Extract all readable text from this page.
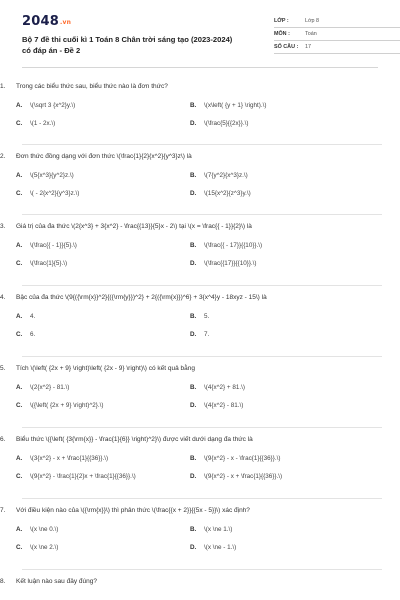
2048.vn
Bộ 7 đề thi cuối kì 1 Toán 8 Chân trời sáng tạo (2023-2024) có đáp án - Đề 2
LỚP :	Lớp 8
MÔN :	Toán
SỐ CÂU :	17
1.	Trong các biểu thức sau, biểu thức nào là đơn thức?
A.	\(\sqrt 3 {x^2}y.\)	B.	\(x\left( {y + 1} \right).\)
C.	\(1 - 2x.\)	D.	\(\frac{5}{{2x}}.\)
2.	Đơn thức đồng dạng với đơn thức \(\frac{1}{2}{x^2}{y^3}z\) là
A.	\(5{x^3}{y^2}z.\)	B.	\(7{y^2}{x^3}z.\)
C.	\( - 2{x^2}{y^3}z.\)	D.	\(15{x^2}{z^3}y.\)
3.	Giá trị của đa thức \(2{x^3} + 3{x^2} - \frac{{13}}{5}x - 2\) tại \(x = \frac{{ - 1}}{2}\) là
A.	\(\frac{{ - 1}}{5}.\)	B.	\(\frac{{ - 17}}{{10}}.\)
C.	\(\frac{1}{5}.\)	D.	\(\frac{{17}}{{10}}.\)
4.	Bậc của đa thức \(9{({\rm{x}}^2}{({\rm{y}})^2} + 2{({\rm{x}})^6} + 3{x^4}y - 18xyz - 15\) là
A.	4.	B.	5.
C.	6.	D.	7.
5.	Tích \(\left( {2x + 9} \right)\left( {2x - 9} \right)\) có kết quả bằng
A.	\(2{x^2} - 81.\)	B.	\(4{x^2} + 81.\)
C.	\({\left( {2x + 9} \right)^2}.\)	D.	\(4{x^2} - 81.\)
6.	Biểu thức \({\left( {3{\rm{x}} - \frac{1}{6}} \right)^2}\) được viết dưới dạng đa thức là
A.	\(3{x^2} - x + \frac{1}{{36}}.\)	B.	\(9{x^2} - x - \frac{1}{{36}}.\)
C.	\(9{x^2} - \frac{1}{2}x + \frac{1}{{36}}.\)	D.	\(9{x^2} - x + \frac{1}{{36}}.\)
7.	Với điều kiện nào của \({\rm{x}}\) thì phân thức \(\frac{{x + 2}}{{5x - 5}}\) xác định?
A.	\(x \ne 0.\)	B.	\(x \ne 1.\)
C.	\(x \ne 2.\)	D.	\(x \ne - 1.\)
8.	Kết luận nào sau đây đúng?
